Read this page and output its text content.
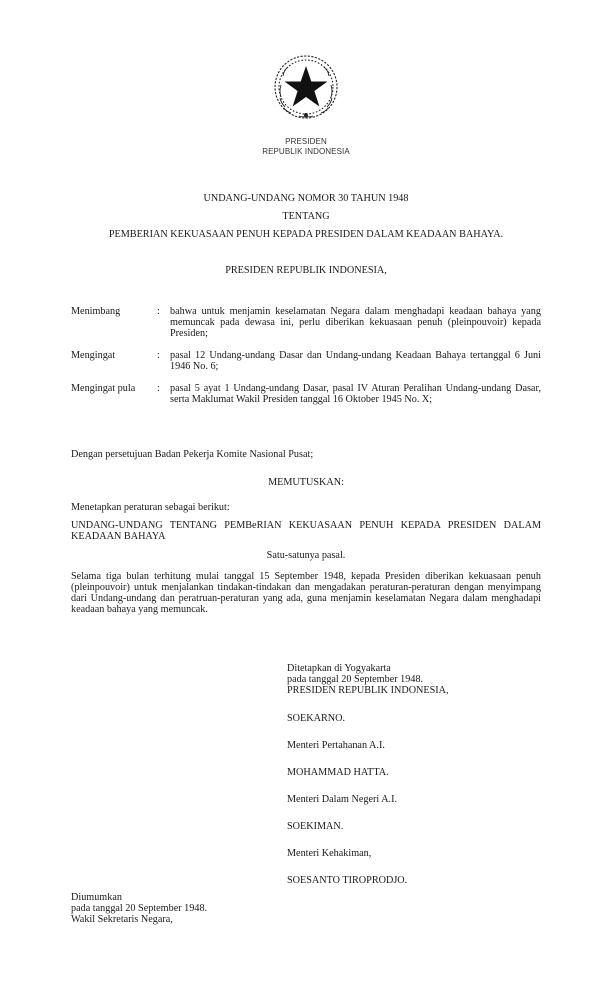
PRESIDEN
REPUBLIK INDONESIA
UNDANG-UNDANG NOMOR 30 TAHUN 1948
TENTANG
PEMBERIAN KEKUASAAN PENUH KEPADA PRESIDEN DALAM KEADAAN BAHAYA.
PRESIDEN REPUBLIK INDONESIA,
Menimbang	: bahwa untuk menjamin keselamatan Negara dalam menghadapi keadaan bahaya yang memuncak pada dewasa ini, perlu diberikan kekuasaan penuh (pleinpouvoir) kepada Presiden;
Mengingat	: pasal 12 Undang-undang Dasar dan Undang-undang Keadaan Bahaya tertanggal 6 Juni 1946 No. 6;
Mengingat pula : pasal 5 ayat 1 Undang-undang Dasar, pasal IV Aturan Peralihan Undang-undang Dasar, serta Maklumat Wakil Presiden tanggal 16 Oktober 1945 No. X;
Dengan persetujuan Badan Pekerja Komite Nasional Pusat;
MEMUTUSKAN:
Menetapkan peraturan sebagai berikut:
UNDANG-UNDANG TENTANG PEMBeRIAN KEKUASAAN PENUH KEPADA PRESIDEN DALAM KEADAAN BAHAYA
Satu-satunya pasal.
Selama tiga bulan terhitung mulai tanggal 15 September 1948, kepada Presiden diberikan kekuasaan penuh (pleinpouvoir) untuk menjalankan tindakan-tindakan dan mengadakan peraturan-peraturan dengan menyimpang dari Undang-undang dan peratruan-peraturan yang ada, guna menjamin keselamatan Negara dalam menghadapi keadaan bahaya yang memuncak.
Ditetapkan di Yogyakarta
pada tanggal 20 September 1948.
PRESIDEN REPUBLIK INDONESIA,
SOEKARNO.
Menteri Pertahanan A.I.
MOHAMMAD HATTA.
Menteri Dalam Negeri A.I.
SOEKIMAN.
Menteri Kehakiman,
SOESANTO TIROPRODJO.
Diumumkan
pada tanggal 20 September 1948.
Wakil Sekretaris Negara,
